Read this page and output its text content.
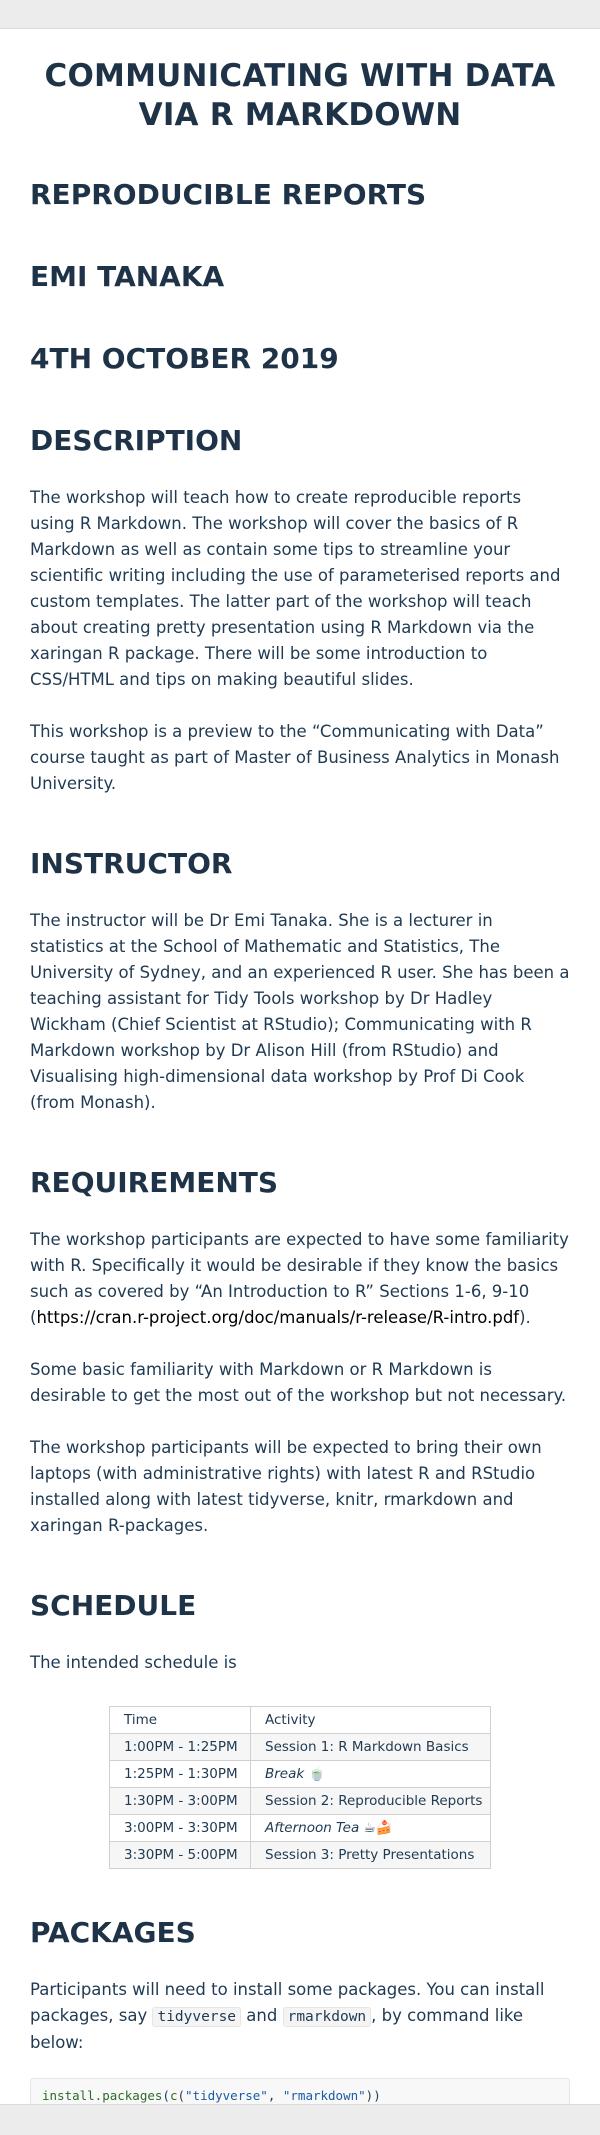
COMMUNICATING WITH DATA VIA R MARKDOWN
REPRODUCIBLE REPORTS
EMI TANAKA
4TH OCTOBER 2019
DESCRIPTION

The workshop will teach how to create reproducible reports using R Markdown. The workshop will cover the basics of R Markdown as well as contain some tips to streamline your scientific writing including the use of parameterised reports and custom templates. The latter part of the workshop will teach about creating pretty presentation using R Markdown via the xaringan R package. There will be some introduction to CSS/HTML and tips on making beautiful slides.

This workshop is a preview to the “Communicating with Data” course taught as part of Master of Business Analytics in Monash University.

INSTRUCTOR

The instructor will be Dr Emi Tanaka. She is a lecturer in statistics at the School of Mathematic and Statistics, The University of Sydney, and an experienced R user. She has been a teaching assistant for Tidy Tools workshop by Dr Hadley Wickham (Chief Scientist at RStudio); Communicating with R Markdown workshop by Dr Alison Hill (from RStudio) and Visualising high-dimensional data workshop by Prof Di Cook (from Monash).

REQUIREMENTS

The workshop participants are expected to have some familiarity with R. Specifically it would be desirable if they know the basics such as covered by “An Introduction to R” Sections 1-6, 9-10 (https://cran.r-project.org/doc/manuals/r-release/R-intro.pdf).

Some basic familiarity with Markdown or R Markdown is desirable to get the most out of the workshop but not necessary.

The workshop participants will be expected to bring their own laptops (with administrative rights) with latest R and RStudio installed along with latest tidyverse, knitr, rmarkdown and xaringan R-packages.

SCHEDULE

The intended schedule is

Time	Activity
1:00PM - 1:25PM	Session 1: R Markdown Basics
1:25PM - 1:30PM	Break 🍵
1:30PM - 3:00PM	Session 2: Reproducible Reports
3:00PM - 3:30PM	Afternoon Tea ☕🍰
3:30PM - 5:00PM	Session 3: Pretty Presentations
PACKAGES

Participants will need to install some packages. You can install packages, say tidyverse and rmarkdown , by command like below:

install.packages(c("tidyverse", "rmarkdown"))
